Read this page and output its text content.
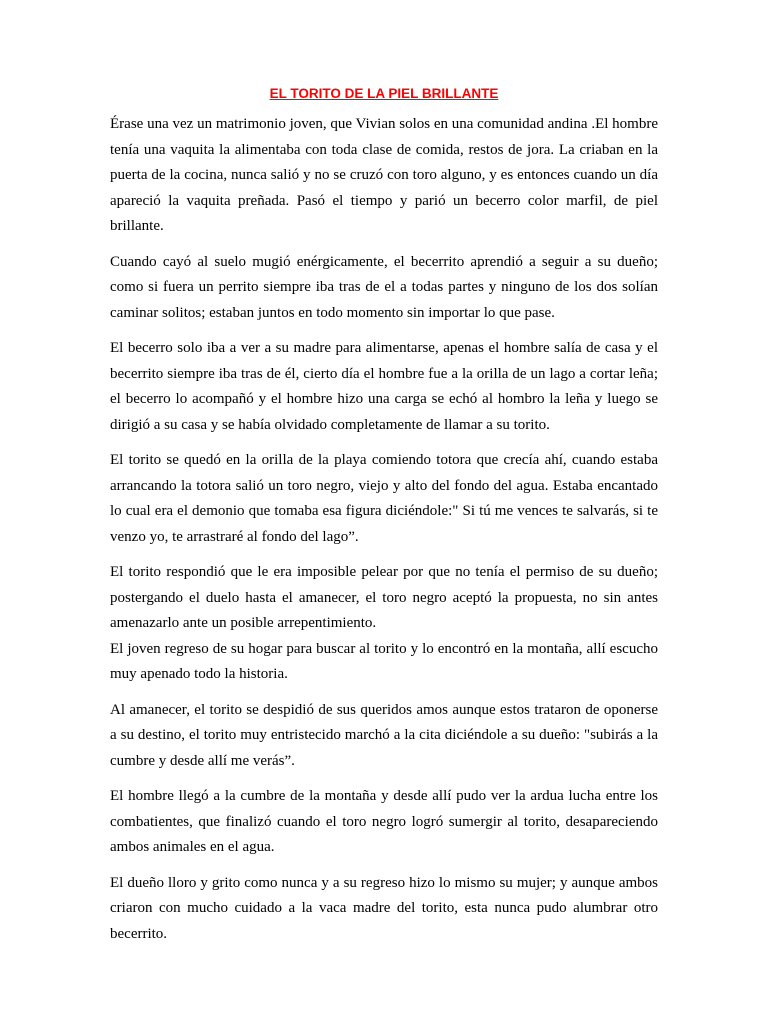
EL TORITO DE LA PIEL BRILLANTE

Érase una vez un matrimonio joven, que Vivian solos en una comunidad andina .El hombre tenía una vaquita la alimentaba con toda clase de comida, restos de jora. La criaban en la puerta de la cocina, nunca salió y no se cruzó con toro alguno, y es entonces cuando un día apareció la vaquita preñada. Pasó el tiempo y parió un becerro color marfil, de piel brillante.

Cuando cayó al suelo mugió enérgicamente, el becerrito aprendió a seguir a su dueño; como si fuera un perrito siempre iba tras de el a todas partes y ninguno de los dos solían caminar solitos; estaban juntos en todo momento sin importar lo que pase.

El becerro solo iba a ver a su madre para alimentarse, apenas el hombre salía de casa y el becerrito siempre iba tras de él, cierto día el hombre fue a la orilla de un lago a cortar leña; el becerro lo acompañó y el hombre hizo una carga se echó al hombro la leña y luego se dirigió a su casa y se había olvidado completamente de llamar a su torito.

El torito se quedó en la orilla de la playa comiendo totora que crecía ahí, cuando estaba arrancando la totora salió un toro negro, viejo y alto del fondo del agua. Estaba encantado lo cual era el demonio que tomaba esa figura diciéndole:" Si tú me vences te salvarás, si te venzo yo, te arrastraré al fondo del lago”.

El torito respondió que le era imposible pelear por que no tenía el permiso de su dueño; postergando el duelo hasta el amanecer, el toro negro aceptó la propuesta, no sin antes amenazarlo ante un posible arrepentimiento.

El joven regreso de su hogar para buscar al torito y lo encontró en la montaña, allí escucho muy apenado todo la historia.

Al amanecer, el torito se despidió de sus queridos amos aunque estos trataron de oponerse a su destino, el torito muy entristecido marchó a la cita diciéndole a su dueño: "subirás a la cumbre y desde allí me verás”.

El hombre llegó a la cumbre de la montaña y desde allí pudo ver la ardua lucha entre los combatientes, que finalizó cuando el toro negro logró sumergir al torito, desapareciendo ambos animales en el agua.

El dueño lloro y grito como nunca y a su regreso hizo lo mismo su mujer; y aunque ambos criaron con mucho cuidado a la vaca madre del torito, esta nunca pudo alumbrar otro becerrito.
